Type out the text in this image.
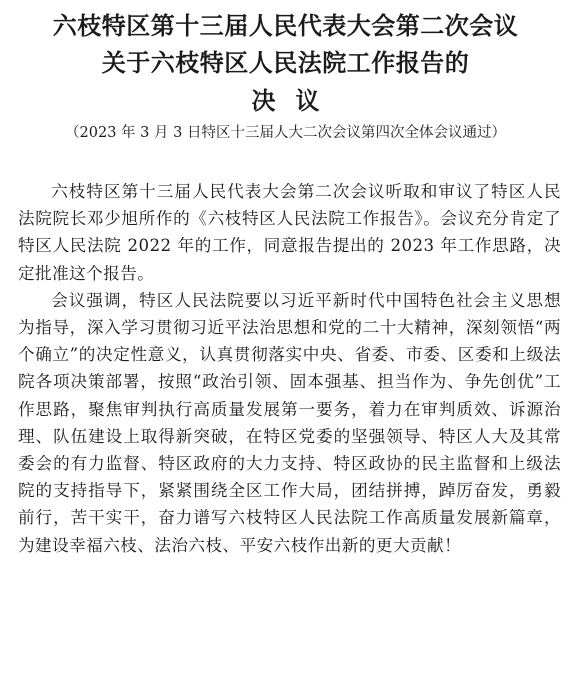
六枝特区第十三届人民代表大会第二次会议
关于六枝特区人民法院工作报告的
决议
（2023 年 3 月 3 日特区十三届人大二次会议第四次全体会议通过）

六枝特区第十三届人民代表大会第二次会议听取和审议了特区人民法院院长邓少旭所作的《六枝特区人民法院工作报告》。会议充分肯定了特区人民法院 2022 年的工作，同意报告提出的 2023 年工作思路，决定批准这个报告。

会议强调，特区人民法院要以习近平新时代中国特色社会主义思想为指导，深入学习贯彻习近平法治思想和党的二十大精神，深刻领悟“两个确立”的决定性意义，认真贯彻落实中央、省委、市委、区委和上级法院各项决策部署，按照“政治引领、固本强基、担当作为、争先创优”工作思路，聚焦审判执行高质量发展第一要务，着力在审判质效、诉源治理、队伍建设上取得新突破，在特区党委的坚强领导、特区人大及其常委会的有力监督、特区政府的大力支持、特区政协的民主监督和上级法院的支持指导下，紧紧围绕全区工作大局，团结拼搏，踔厉奋发，勇毅前行，苦干实干，奋力谱写六枝特区人民法院工作高质量发展新篇章，为建设幸福六枝、法治六枝、平安六枝作出新的更大贡献！
